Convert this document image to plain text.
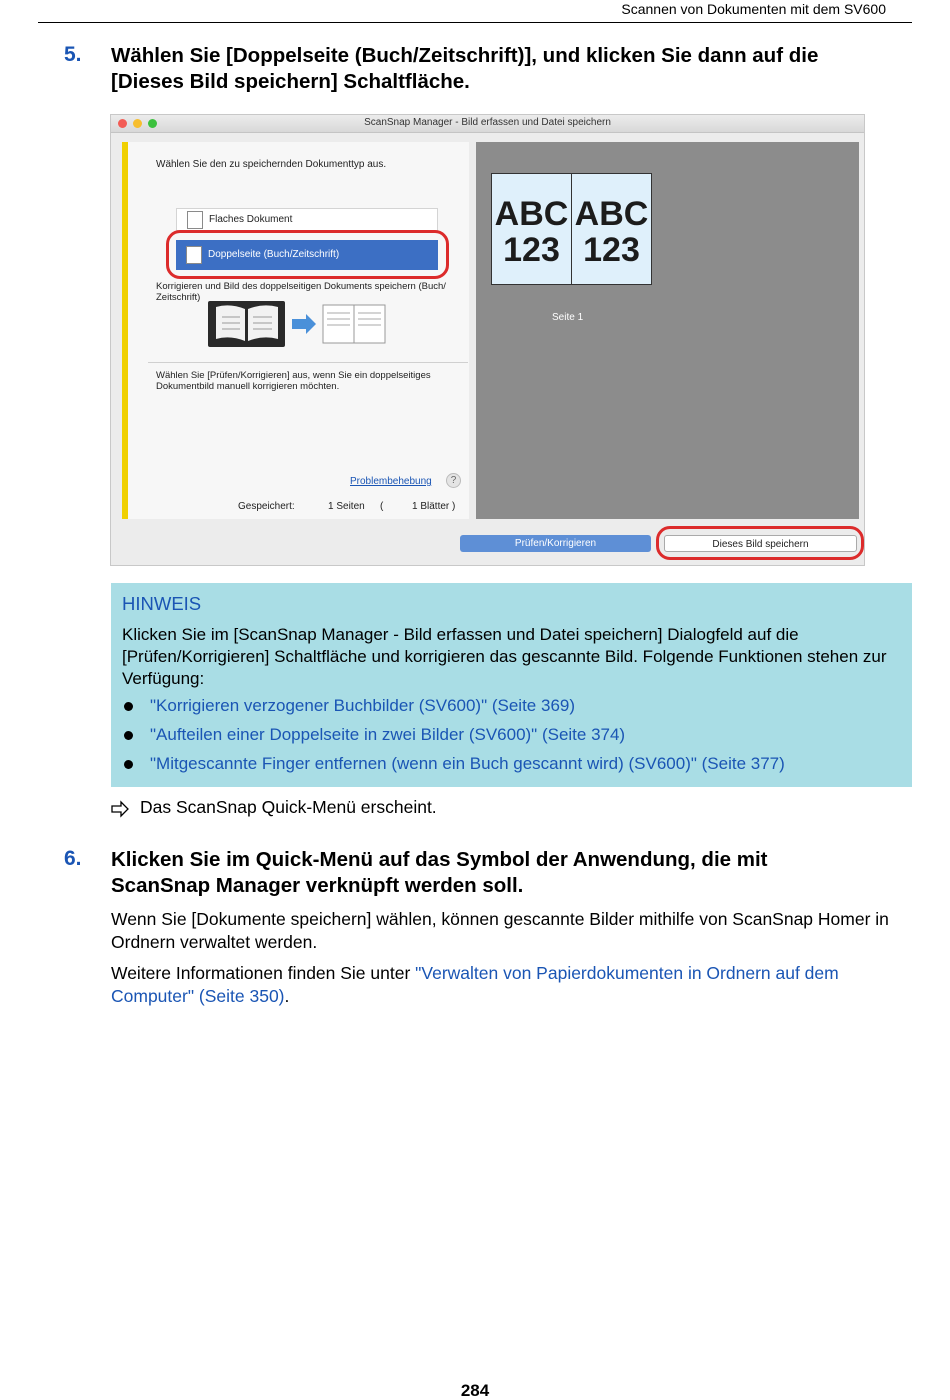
Scannen von Dokumenten mit dem SV600
5. Wählen Sie [Doppelseite (Buch/Zeitschrift)], und klicken Sie dann auf die
[Dieses Bild speichern] Schaltfläche.
ScanSnap Manager - Bild erfassen und Datei speichern
Wählen Sie den zu speichernden Dokumenttyp aus.
Flaches Dokument
Doppelseite (Buch/Zeitschrift)
Korrigieren und Bild des doppelseitigen Dokuments speichern (Buch/
Zeitschrift)
Wählen Sie [Prüfen/Korrigieren] aus, wenn Sie ein doppelseitiges
Dokumentbild manuell korrigieren möchten.
Problembehebung	?
Gespeichert:	1 Seiten (	1 Blätter )
ABC
123
ABC
123
Seite 1
Prüfen/Korrigieren	Dieses Bild speichern
HINWEIS
Klicken Sie im [ScanSnap Manager - Bild erfassen und Datei speichern] Dialogfeld auf die [Prüfen/Korrigieren] Schaltfläche und korrigieren das gescannte Bild. Folgende Funktionen stehen zur Verfügung:
"Korrigieren verzogener Buchbilder (SV600)" (Seite 369)
"Aufteilen einer Doppelseite in zwei Bilder (SV600)" (Seite 374)
"Mitgescannte Finger entfernen (wenn ein Buch gescannt wird) (SV600)" (Seite 377)
Das ScanSnap Quick-Menü erscheint.
6. Klicken Sie im Quick-Menü auf das Symbol der Anwendung, die mit
ScanSnap Manager verknüpft werden soll.
Wenn Sie [Dokumente speichern] wählen, können gescannte Bilder mithilfe von ScanSnap Homer in Ordnern verwaltet werden.
Weitere Informationen finden Sie unter "Verwalten von Papierdokumenten in Ordnern auf dem Computer" (Seite 350).
284
